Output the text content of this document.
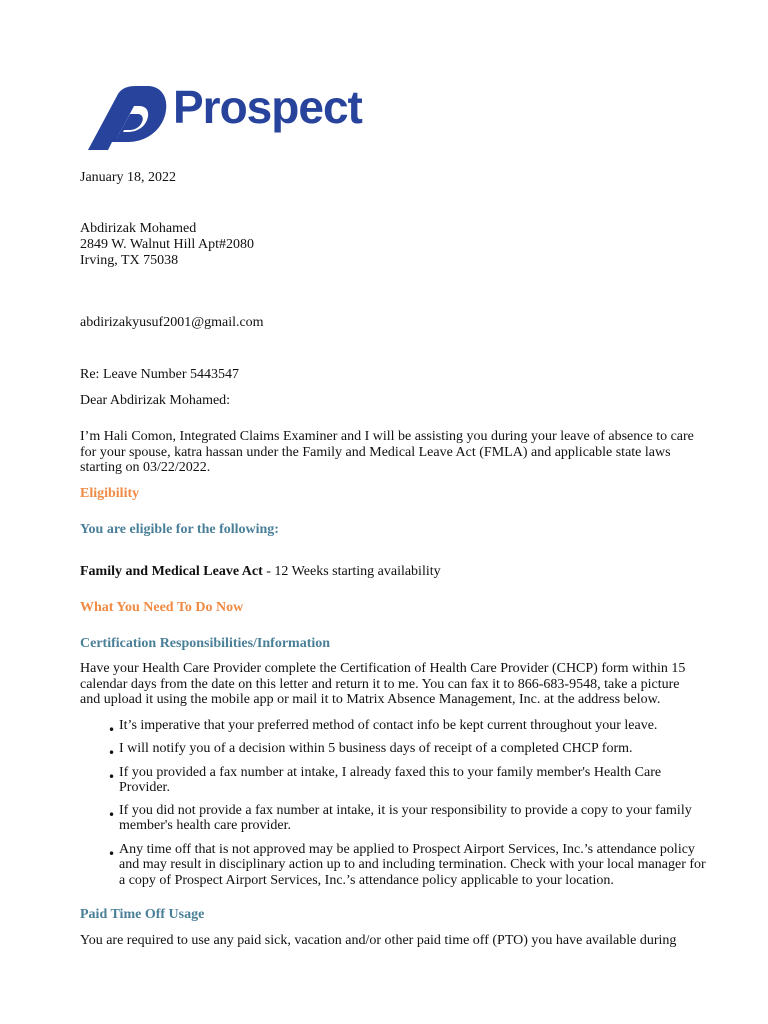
Prospect
January 18, 2022
Abdirizak Mohamed
2849 W. Walnut Hill Apt#2080
Irving, TX 75038
abdirizakyusuf2001@gmail.com
Re: Leave Number 5443547
Dear Abdirizak Mohamed:
I’m Hali Comon, Integrated Claims Examiner and I will be assisting you during your leave of absence to care for your spouse, katra hassan under the Family and Medical Leave Act (FMLA) and applicable state laws starting on 03/22/2022.
Eligibility
You are eligible for the following:
Family and Medical Leave Act - 12 Weeks starting availability
What You Need To Do Now
Certification Responsibilities/Information
Have your Health Care Provider complete the Certification of Health Care Provider (CHCP) form within 15 calendar days from the date on this letter and return it to me. You can fax it to 866-683-9548, take a picture and upload it using the mobile app or mail it to Matrix Absence Management, Inc. at the address below.
• It’s imperative that your preferred method of contact info be kept current throughout your leave.
• I will notify you of a decision within 5 business days of receipt of a completed CHCP form.
• If you provided a fax number at intake, I already faxed this to your family member's Health Care Provider.
• If you did not provide a fax number at intake, it is your responsibility to provide a copy to your family member's health care provider.
• Any time off that is not approved may be applied to Prospect Airport Services, Inc.’s attendance policy and may result in disciplinary action up to and including termination. Check with your local manager for a copy of Prospect Airport Services, Inc.’s attendance policy applicable to your location.
Paid Time Off Usage
You are required to use any paid sick, vacation and/or other paid time off (PTO) you have available during
